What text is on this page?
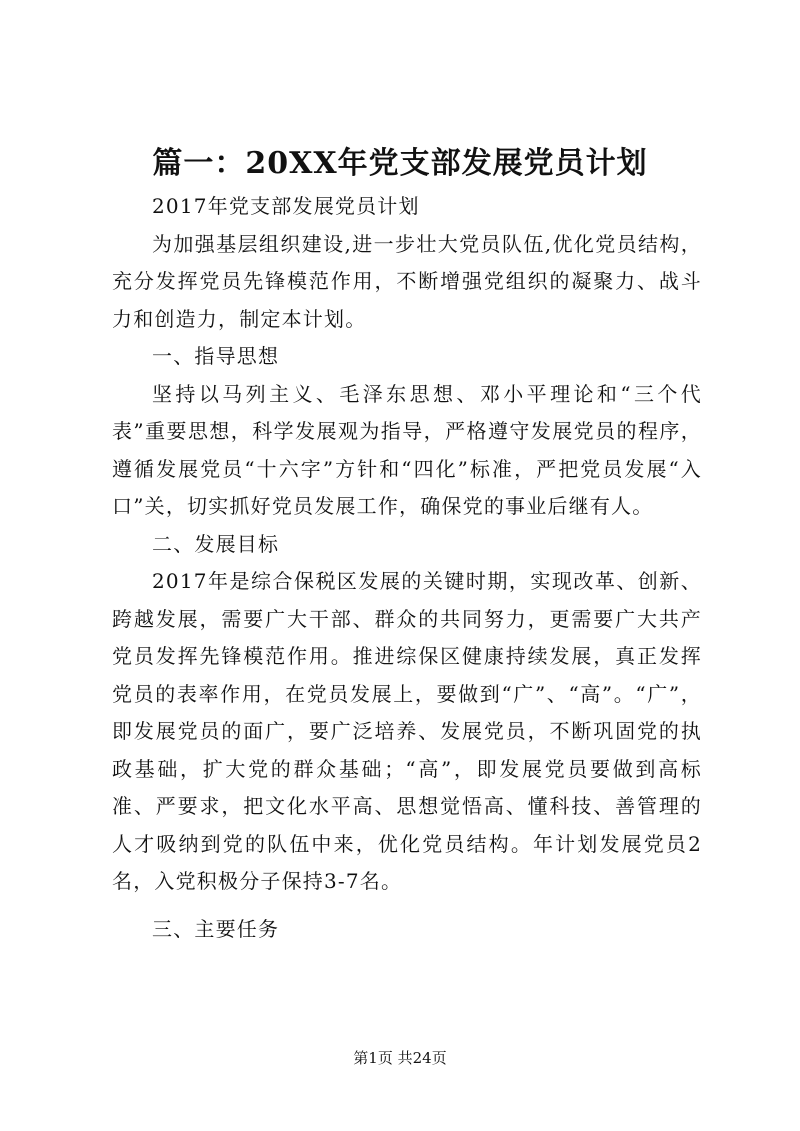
篇一：20XX年党支部发展党员计划

2017年党支部发展党员计划

为加强基层组织建设,进一步壮大党员队伍,优化党员结构，充分发挥党员先锋模范作用，不断增强党组织的凝聚力、战斗力和创造力，制定本计划。

一、指导思想

坚持以马列主义、毛泽东思想、邓小平理论和“三个代表”重要思想，科学发展观为指导，严格遵守发展党员的程序，遵循发展党员“十六字”方针和“四化”标准，严把党员发展“入口”关，切实抓好党员发展工作，确保党的事业后继有人。

二、发展目标

2017年是综合保税区发展的关键时期，实现改革、创新、跨越发展，需要广大干部、群众的共同努力，更需要广大共产党员发挥先锋模范作用。推进综保区健康持续发展，真正发挥党员的表率作用，在党员发展上，要做到“广”、“高”。“广”，即发展党员的面广，要广泛培养、发展党员，不断巩固党的执政基础，扩大党的群众基础；“高”，即发展党员要做到高标准、严要求，把文化水平高、思想觉悟高、懂科技、善管理的人才吸纳到党的队伍中来，优化党员结构。年计划发展党员2名，入党积极分子保持3-7名。

三、主要任务

第1页 共24页
